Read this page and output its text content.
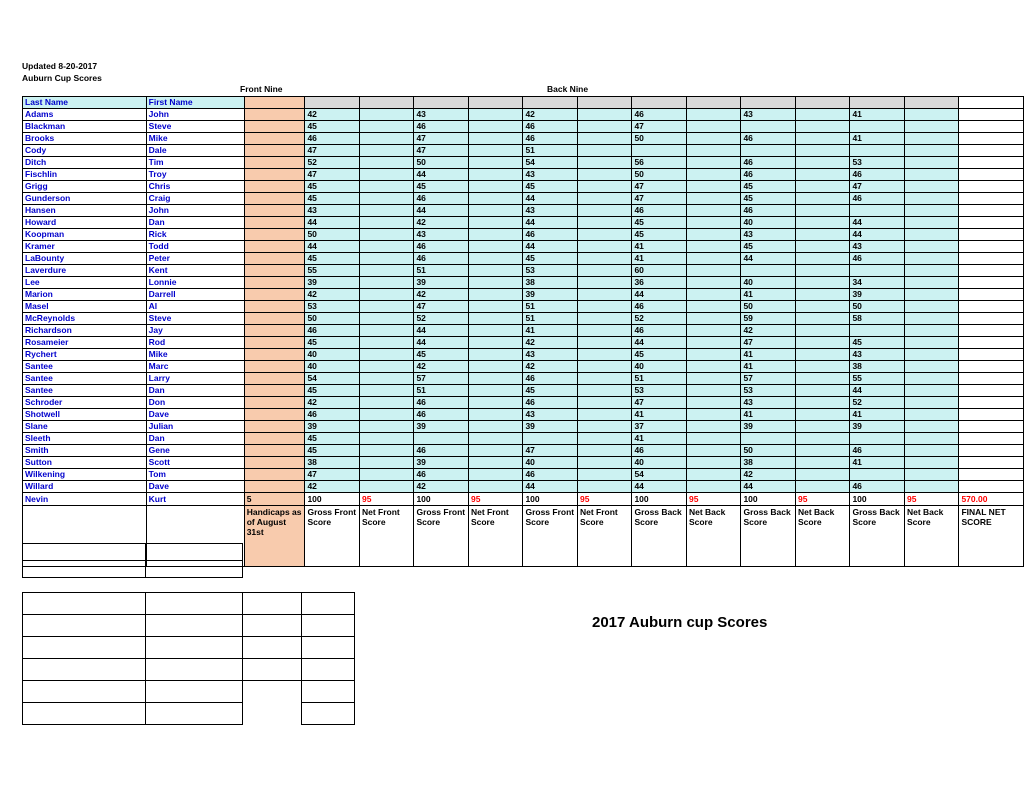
Updated 8-20-2017
Auburn Cup Scores
Front Nine	Back Nine
Last Name	First Name														
Adams	John		42		43		42		46		43		41		
Blackman	Steve		45		46		46		47						
Brooks	Mike		46		47		46		50		46		41		
Cody	Dale		47		47		51								
Ditch	Tim		52		50		54		56		46		53		
Fischlin	Troy		47		44		43		50		46		46		
Grigg	Chris		45		45		45		47		45		47		
Gunderson	Craig		45		46		44		47		45		46		
Hansen	John		43		44		43		46		46				
Howard	Dan		44		42		44		45		40		44		
Koopman	Rick		50		43		46		45		43		44		
Kramer	Todd		44		46		44		41		45		43		
LaBounty	Peter		45		46		45		41		44		46		
Laverdure	Kent		55		51		53		60						
Lee	Lonnie		39		39		38		36		40		34		
Marion	Darrell		42		42		39		44		41		39		
Masel	Al		53		47		51		46		50		50		
McReynolds	Steve		50		52		51		52		59		58		
Richardson	Jay		46		44		41		46		42				
Rosameier	Rod		45		44		42		44		47		45		
Rychert	Mike		40		45		43		45		41		43		
Santee	Marc		40		42		42		40		41		38		
Santee	Larry		54		57		46		51		57		55		
Santee	Dan		45		51		45		53		53		44		
Schroder	Don		42		46		46		47		43		52		
Shotwell	Dave		46		46		43		41		41		41		
Slane	Julian		39		39		39		37		39		39		
Sleeth	Dan		45						41						
Smith	Gene		45		46		47		46		50		46		
Sutton	Scott		38		39		40		40		38		41		
Wilkening	Tom		47		46		46		54		42				
Willard	Dave		42		42		44		44		44		46		
Nevin	Kurt	5	100	95	100	95	100	95	100	95	100	95	100	95	570.00
		Handicaps as of August 31st	Gross Front Score	Net Front Score	Gross Front Score	Net Front Score	Gross Front Score	Net Front Score	Gross Back Score	Net Back Score	Gross Back Score	Net Back Score	Gross Back Score	Net Back Score	FINAL NET SCORE

2017 Auburn cup Scores
